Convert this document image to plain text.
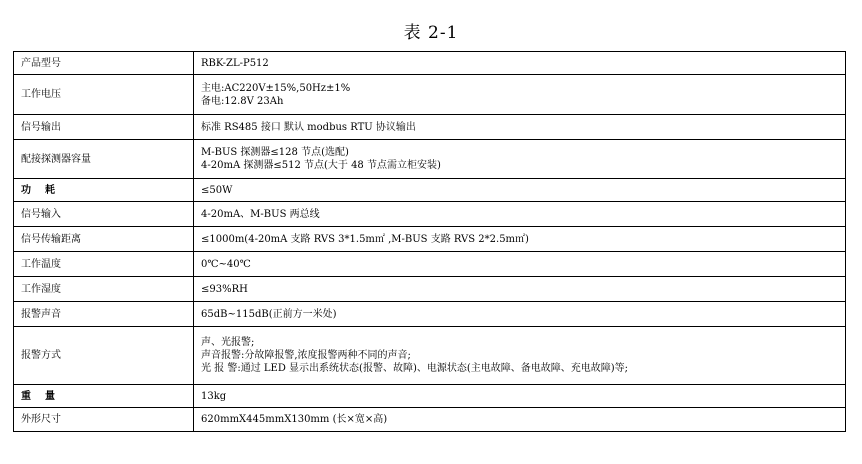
表 2-1
产品型号	RBK-ZL-P512

工作电压	主电:AC220V±15%,50Hz±1%
备电:12.8V 23Ah

信号输出	标准 RS485 接口 默认 modbus RTU 协议输出

配接探测器容量	M-BUS 探测器≤128 节点(选配)
4-20mA 探测器≤512 节点(大于 48 节点需立柜安装)

功耗	≤50W

信号输入	4-20mA、M-BUS 两总线

信号传输距离	≤1000m(4-20mA 支路 RVS 3*1.5m㎡ ,M-BUS 支路 RVS 2*2.5m㎡)

工作温度	0℃~40℃

工作湿度	≤93%RH

报警声音	65dB~115dB(正前方一米处)

报警方式	声、光报警;
声音报警:分故障报警,浓度报警两种不同的声音;
光 报 警:通过 LED 显示出系统状态(报警、故障)、电源状态(主电故障、备电故障、充电故障)等;

重量	13kg

外形尺寸	620mmX445mmX130mm (长×宽×高)
